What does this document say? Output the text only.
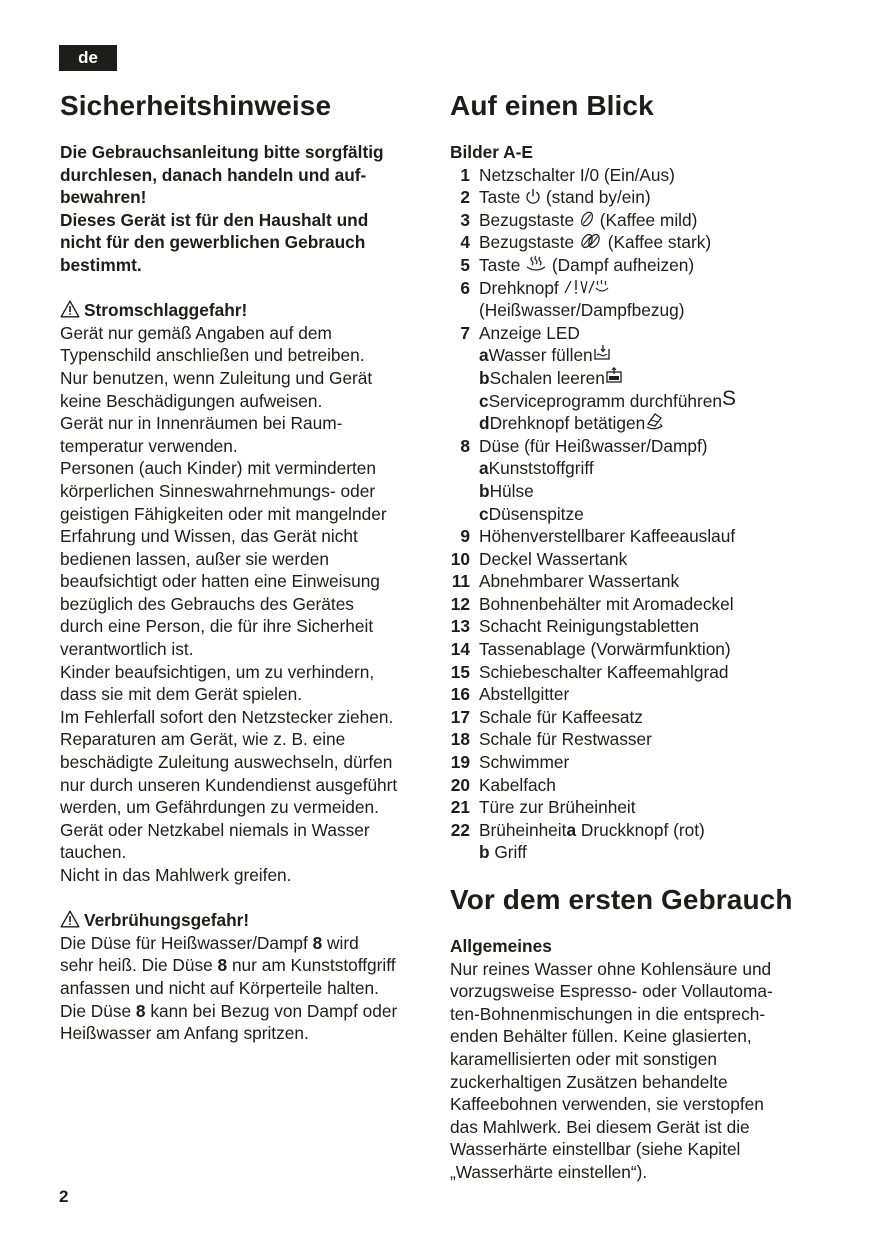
de
Sicherheitshinweise

Die Gebrauchsanleitung bitte sorgfältig

durchlesen, danach handeln und auf-

bewahren!

Dieses Gerät ist für den Haushalt und

nicht für den gewerblichen Gebrauch

bestimmt.

Stromschlaggefahr!

Gerät nur gemäß Angaben auf dem

Typenschild anschließen und betreiben.

Nur benutzen, wenn Zuleitung und Gerät

keine Beschädigungen aufweisen.

Gerät nur in Innenräumen bei Raum-

temperatur verwenden.

Personen (auch Kinder) mit verminderten

körperlichen Sinneswahrnehmungs- oder

geistigen Fähigkeiten oder mit mangelnder

Erfahrung und Wissen, das Gerät nicht

bedienen lassen, außer sie werden

beaufsichtigt oder hatten eine Einweisung

bezüglich des Gebrauchs des Gerätes

durch eine Person, die für ihre Sicherheit

verantwortlich ist.

Kinder beaufsichtigen, um zu verhindern,

dass sie mit dem Gerät spielen.

Im Fehlerfall sofort den Netzstecker ziehen.

Reparaturen am Gerät, wie z. B. eine

beschädigte Zuleitung auswechseln, dürfen

nur durch unseren Kundendienst ausgeführt

werden, um Gefährdungen zu vermeiden.

Gerät oder Netzkabel niemals in Wasser

tauchen.

Nicht in das Mahlwerk greifen.

Verbrühungsgefahr!

Die Düse für Heißwasser/Dampf 8 wird

sehr heiß. Die Düse 8 nur am Kunststoffgriff

anfassen und nicht auf Körperteile halten.

Die Düse 8 kann bei Bezug von Dampf oder

Heißwasser am Anfang spritzen.

Auf einen Blick

Bilder A-E

1 Netzschalter I/0 (Ein/Aus)
2 Taste  (stand by/ein)
3 Bezugstaste  (Kaffee mild)
4 Bezugstaste  (Kaffee stark)
5 Taste  (Dampf aufheizen)
6 Drehknopf
(Heißwasser/Dampfbezug)
7 Anzeige LED
a Wasser füllen
b Schalen leeren
c Serviceprogramm durchführen S
d Drehknopf betätigen
8 Düse (für Heißwasser/Dampf)
a Kunststoffgriff
b Hülse
c Düsenspitze
9 Höhenverstellbarer Kaffeeauslauf
10 Deckel Wassertank
11 Abnehmbarer Wassertank
12 Bohnenbehälter mit Aromadeckel
13 Schacht Reinigungstabletten
14 Tassenablage (Vorwärmfunktion)
15 Schiebeschalter Kaffeemahlgrad
16 Abstellgitter
17 Schale für Kaffeesatz
18 Schale für Restwasser
19 Schwimmer
20 Kabelfach
21 Türe zur Brüheinheit
22 Brüheinheit a Druckknopf (rot)
b Griff
Vor dem ersten Gebrauch

Allgemeines

Nur reines Wasser ohne Kohlensäure und

vorzugsweise Espresso- oder Vollautoma-

ten-Bohnenmischungen in die entsprech-

enden Behälter füllen. Keine glasierten,

karamellisierten oder mit sonstigen

zuckerhaltigen Zusätzen behandelte

Kaffeebohnen verwenden, sie verstopfen

das Mahlwerk. Bei diesem Gerät ist die

Wasserhärte einstellbar (siehe Kapitel

„Wasserhärte einstellen“).

2
